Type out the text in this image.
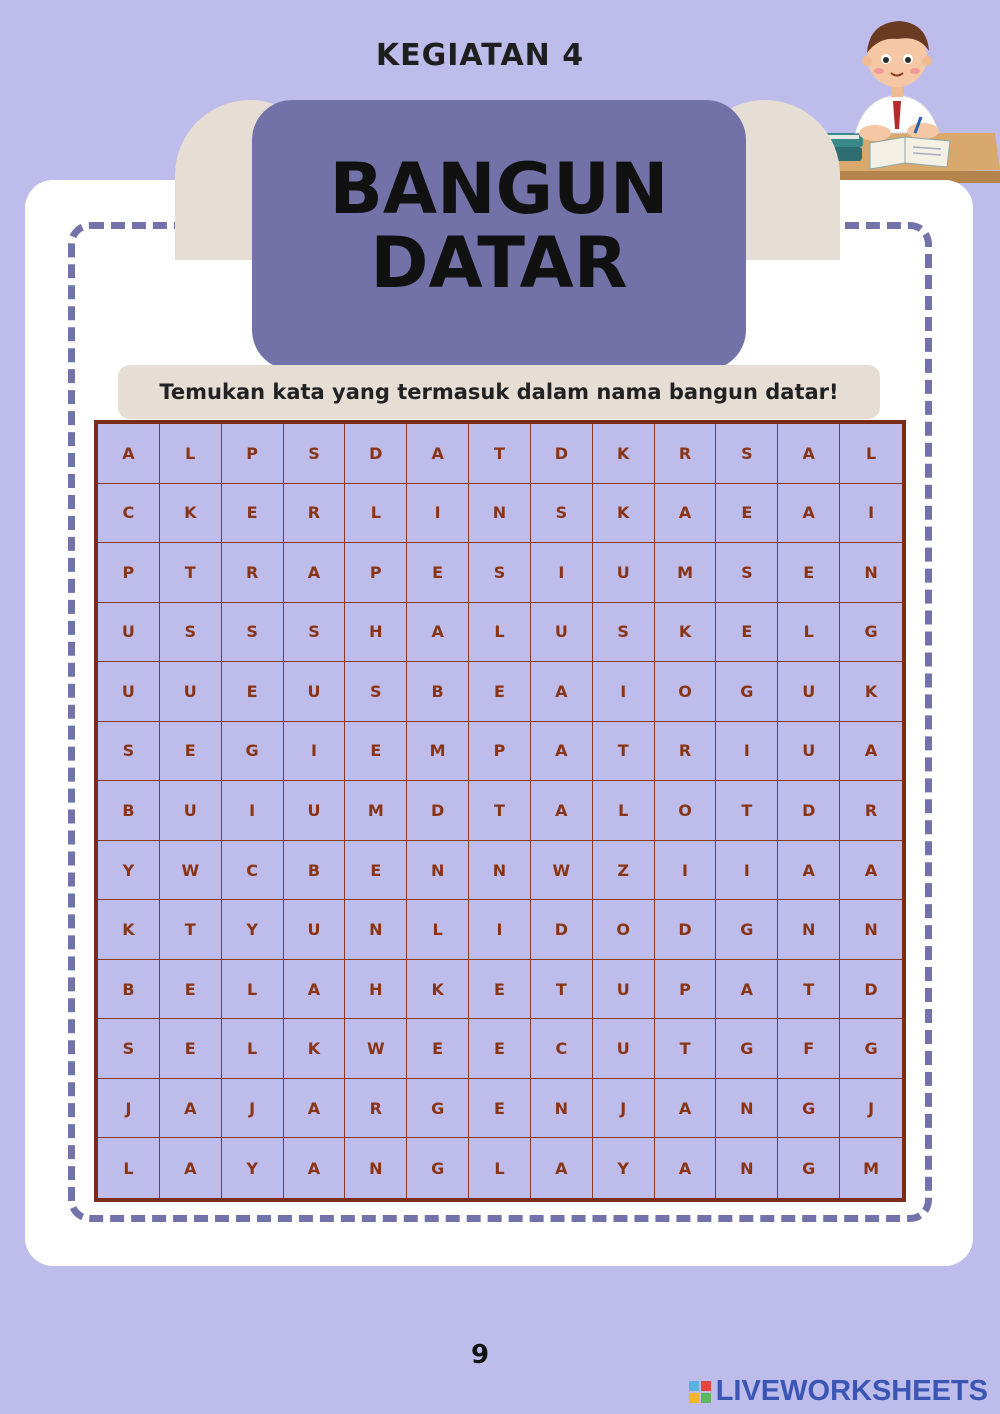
KEGIATAN 4
BANGUN
DATAR
Temukan kata yang termasuk dalam nama bangun datar!
A	L	P	S	D	A	T	D	K	R	S	A	L
C	K	E	R	L	I	N	S	K	A	E	A	I
P	T	R	A	P	E	S	I	U	M	S	E	N
U	S	S	S	H	A	L	U	S	K	E	L	G
U	U	E	U	S	B	E	A	I	O	G	U	K
S	E	G	I	E	M	P	A	T	R	I	U	A
B	U	I	U	M	D	T	A	L	O	T	D	R
Y	W	C	B	E	N	N	W	Z	I	I	A	A
K	T	Y	U	N	L	I	D	O	D	G	N	N
B	E	L	A	H	K	E	T	U	P	A	T	D
S	E	L	K	W	E	E	C	U	T	G	F	G
J	A	J	A	R	G	E	N	J	A	N	G	J
L	A	Y	A	N	G	L	A	Y	A	N	G	M
9
LIVEWORKSHEETS
